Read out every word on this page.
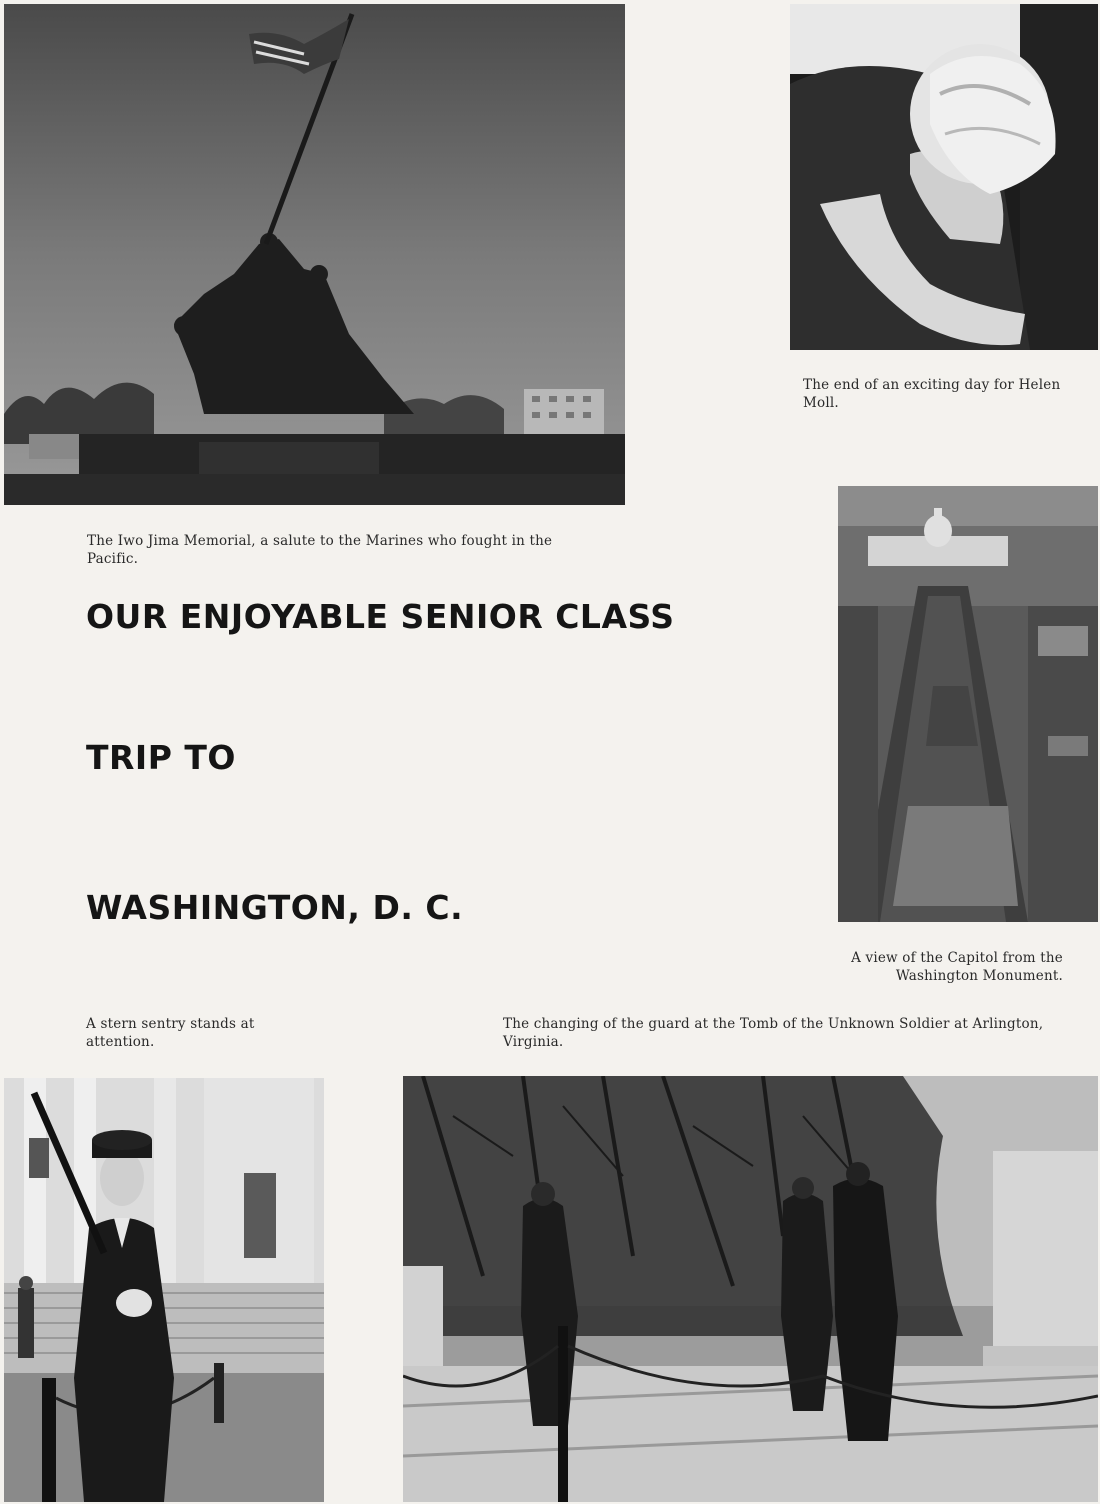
The end of an exciting day for Helen Moll.
A view of the Capitol from the Washington Monument.
The Iwo Jima Memorial, a salute to the Marines who fought in the Pacific.
OUR ENJOYABLE SENIOR CLASS
TRIP TO
WASHINGTON, D. C.
A stern sentry stands at attention.
The changing of the guard at the Tomb of the Unknown Soldier at Arlington, Virginia.
